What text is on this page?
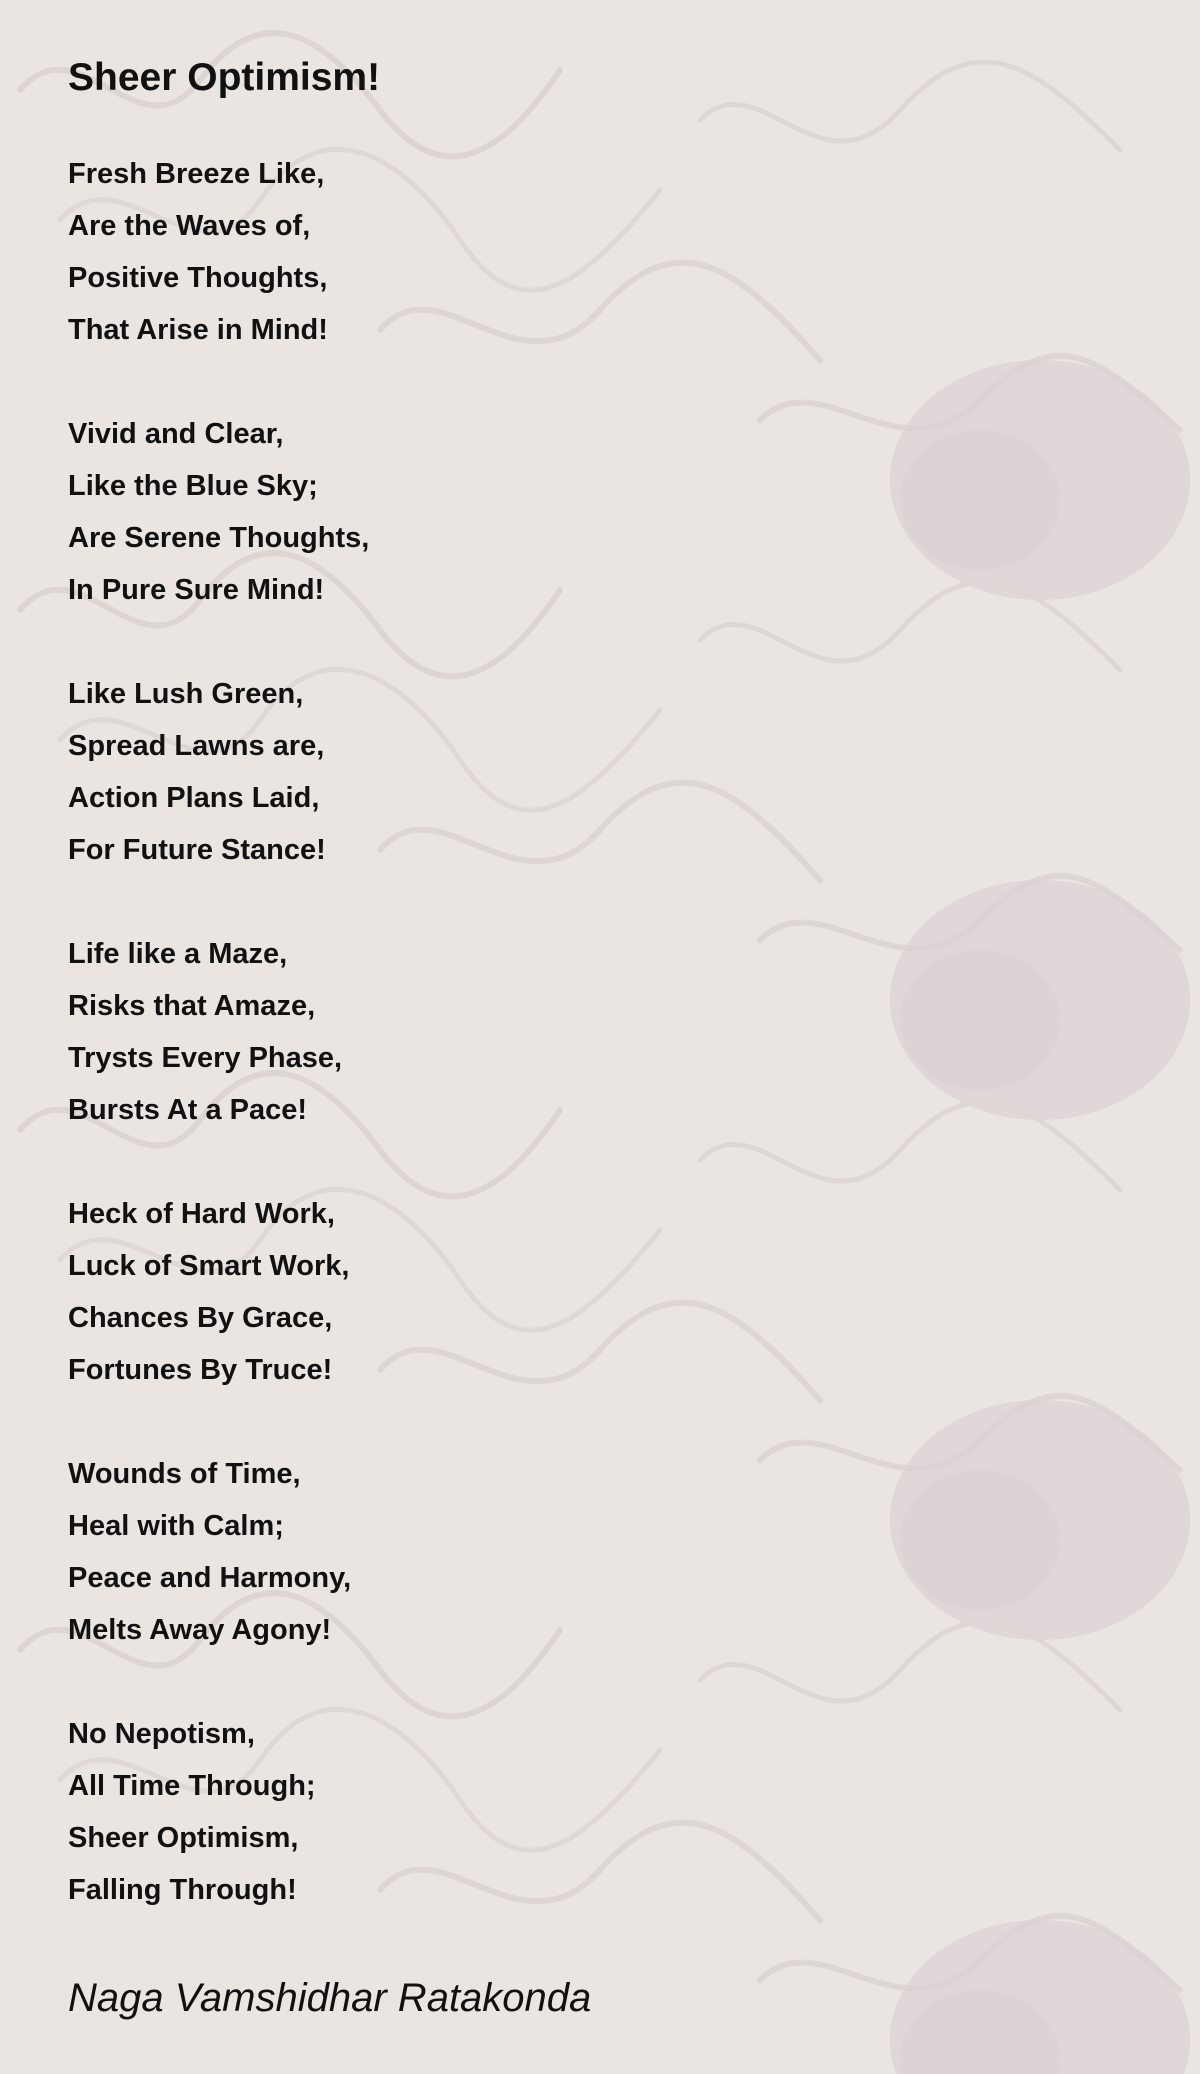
Sheer Optimism!
Fresh Breeze Like,
Are the Waves of,
Positive Thoughts,
That Arise in Mind!
Vivid and Clear,
Like the Blue Sky;
Are Serene Thoughts,
In Pure Sure Mind!
Like Lush Green,
Spread Lawns are,
Action Plans Laid,
For Future Stance!
Life like a Maze,
Risks that Amaze,
Trysts Every Phase,
Bursts At a Pace!
Heck of Hard Work,
Luck of Smart Work,
Chances By Grace,
Fortunes By Truce!
Wounds of Time,
Heal with Calm;
Peace and Harmony,
Melts Away Agony!
No Nepotism,
All Time Through;
Sheer Optimism,
Falling Through!

Naga Vamshidhar Ratakonda
